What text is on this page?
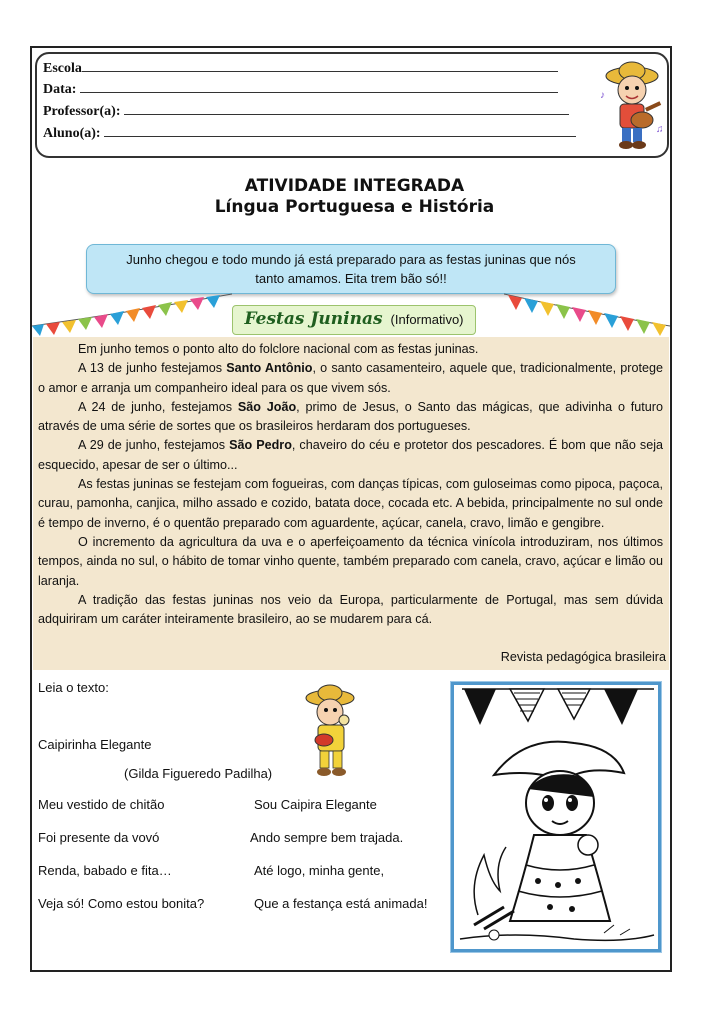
Escola
Data:
Professor(a):
Aluno(a):
♪
♫
ATIVIDADE INTEGRADA
Língua Portuguesa e História
Junho chegou e todo mundo já está preparado para as festas juninas que nós
tanto amamos. Eita trem bão só!!
Festas Juninas (Informativo)

Em junho temos o ponto alto do folclore nacional com as festas juninas.

A 13 de junho festejamos Santo Antônio, o santo casamenteiro, aquele que, tradicionalmente, protege o amor e arranja um companheiro ideal para os que vivem sós.

A 24 de junho, festejamos São João, primo de Jesus, o Santo das mágicas, que adivinha o futuro através de uma série de sortes que os brasileiros herdaram dos portugueses.

A 29 de junho, festejamos São Pedro, chaveiro do céu e protetor dos pescadores. É bom que não seja esquecido, apesar de ser o último...

As festas juninas se festejam com fogueiras, com danças típicas, com guloseimas como pipoca, paçoca, curau, pamonha, canjica, milho assado e cozido, batata doce, cocada etc. A bebida, principalmente no sul onde é tempo de inverno, é o quentão preparado com aguardente, açúcar, canela, cravo, limão e gengibre.

O incremento da agricultura da uva e o aperfeiçoamento da técnica vinícola introduziram, nos últimos tempos, ainda no sul, o hábito de tomar vinho quente, também preparado com canela, cravo, açúcar e limão ou laranja.

A tradição das festas juninas nos veio da Europa, particularmente de Portugal, mas sem dúvida adquiriram um caráter inteiramente brasileiro, ao se mudarem para cá.

Revista pedagógica brasileira
Leia o texto:
Caipirinha Elegante
(Gilda Figueredo Padilha)
Meu vestido de chitão
Foi presente da vovó
Renda, babado e fita…
Veja só! Como estou bonita?
Sou Caipira Elegante
Ando sempre bem trajada.
Até logo, minha gente,
Que a festança está animada!
